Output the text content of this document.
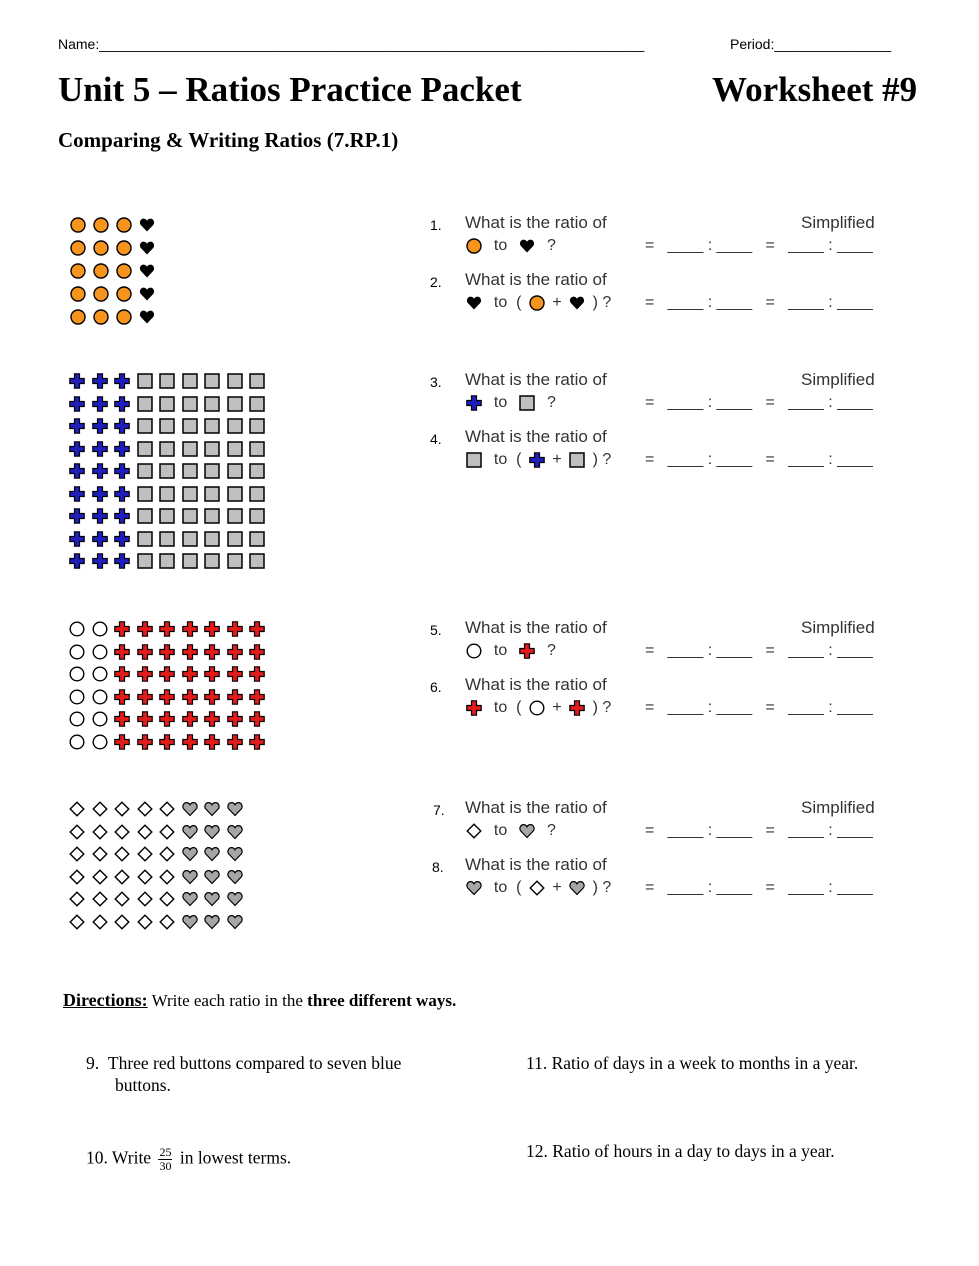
Name:______________________________________________________________________	Period:_______________
Unit 5 – Ratios Practice Packet	Worksheet #9
Comparing & Writing Ratios (7.RP.1)
1. What is the ratio of	Simplified

to

?	=   ____ : ____   =   ____ : ____
2. What is the ratio of

to
(

+

) ? =   ____ : ____   =   ____ : ____
3. What is the ratio of	Simplified

to

?	=   ____ : ____   =   ____ : ____
4. What is the ratio of

to
(

+

) ? =   ____ : ____   =   ____ : ____
5. What is the ratio of	Simplified

to

?	=   ____ : ____   =   ____ : ____
6. What is the ratio of

to
(

+

) ? =   ____ : ____   =   ____ : ____
7. What is the ratio of	Simplified

to

?	=   ____ : ____   =   ____ : ____
8. What is the ratio of

to
(

+

) ? =   ____ : ____   =   ____ : ____
Directions: Write each ratio in the three different ways.
9. Three red buttons compared to seven blue
buttons.
10. Write $\frac{25}{30}$ in lowest terms.
11. Ratio of days in a week to months in a year.
12. Ratio of hours in a day to days in a year.
